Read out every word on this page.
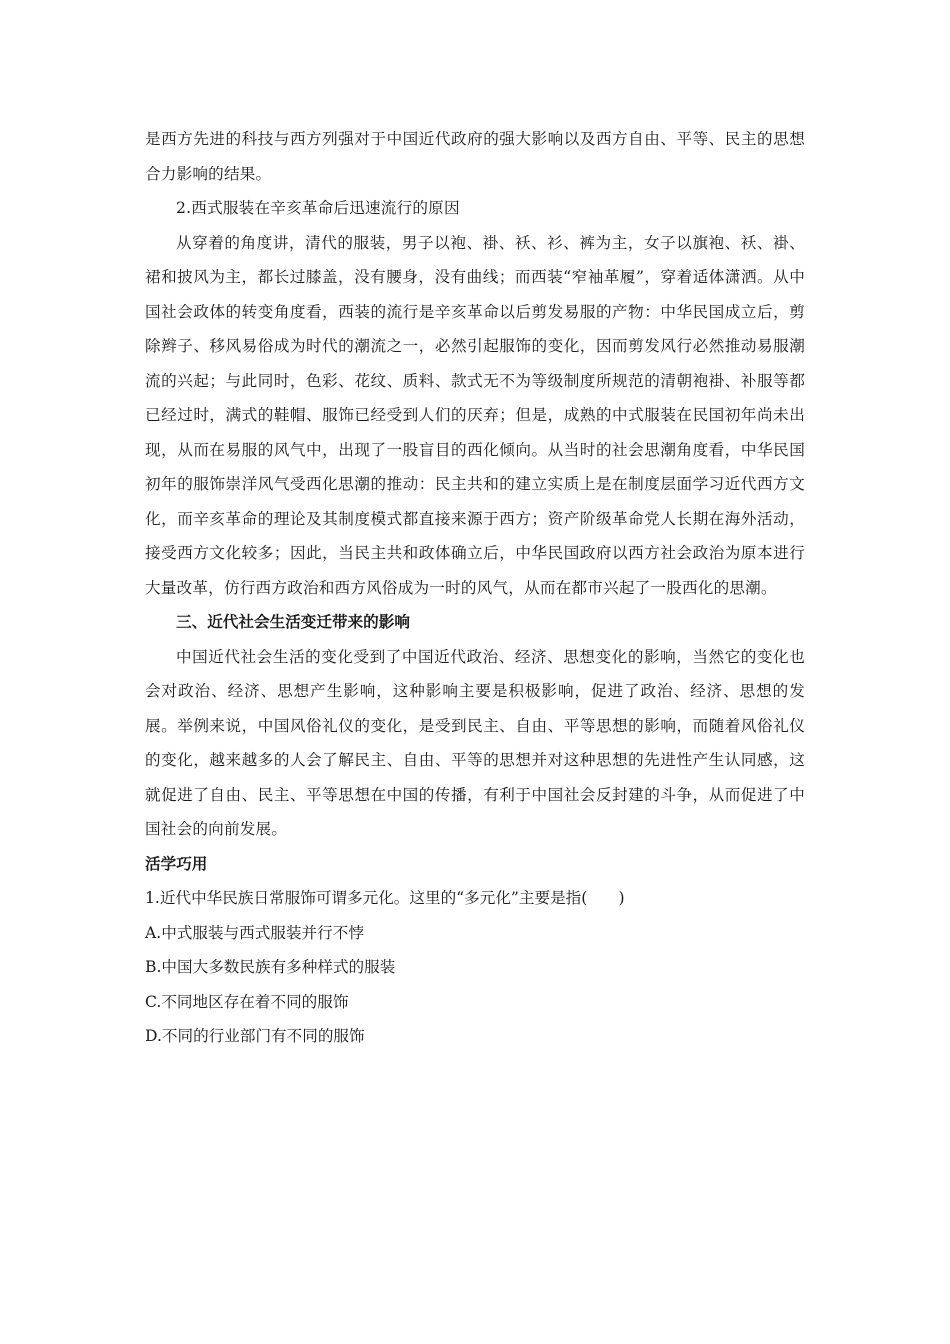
是西方先进的科技与西方列强对于中国近代政府的强大影响以及西方自由、平等、民主的思想合力影响的结果。

2.西式服装在辛亥革命后迅速流行的原因

从穿着的角度讲，清代的服装，男子以袍、褂、袄、衫、裤为主，女子以旗袍、袄、褂、裙和披风为主，都长过膝盖，没有腰身，没有曲线；而西装“窄袖革履”，穿着适体潇洒。从中国社会政体的转变角度看，西装的流行是辛亥革命以后剪发易服的产物：中华民国成立后，剪除辫子、移风易俗成为时代的潮流之一，必然引起服饰的变化，因而剪发风行必然推动易服潮流的兴起；与此同时，色彩、花纹、质料、款式无不为等级制度所规范的清朝袍褂、补服等都已经过时，满式的鞋帽、服饰已经受到人们的厌弃；但是，成熟的中式服装在民国初年尚未出现，从而在易服的风气中，出现了一股盲目的西化倾向。从当时的社会思潮角度看，中华民国初年的服饰崇洋风气受西化思潮的推动：民主共和的建立实质上是在制度层面学习近代西方文化，而辛亥革命的理论及其制度模式都直接来源于西方；资产阶级革命党人长期在海外活动，接受西方文化较多；因此，当民主共和政体确立后，中华民国政府以西方社会政治为原本进行大量改革，仿行西方政治和西方风俗成为一时的风气，从而在都市兴起了一股西化的思潮。

三、近代社会生活变迁带来的影响

中国近代社会生活的变化受到了中国近代政治、经济、思想变化的影响，当然它的变化也会对政治、经济、思想产生影响，这种影响主要是积极影响，促进了政治、经济、思想的发展。举例来说，中国风俗礼仪的变化，是受到民主、自由、平等思想的影响，而随着风俗礼仪的变化，越来越多的人会了解民主、自由、平等的思想并对这种思想的先进性产生认同感，这就促进了自由、民主、平等思想在中国的传播，有利于中国社会反封建的斗争，从而促进了中国社会的向前发展。

活学巧用

1.近代中华民族日常服饰可谓多元化。这里的“多元化”主要是指(　　)

A.中式服装与西式服装并行不悖

B.中国大多数民族有多种样式的服装

C.不同地区存在着不同的服饰

D.不同的行业部门有不同的服饰
